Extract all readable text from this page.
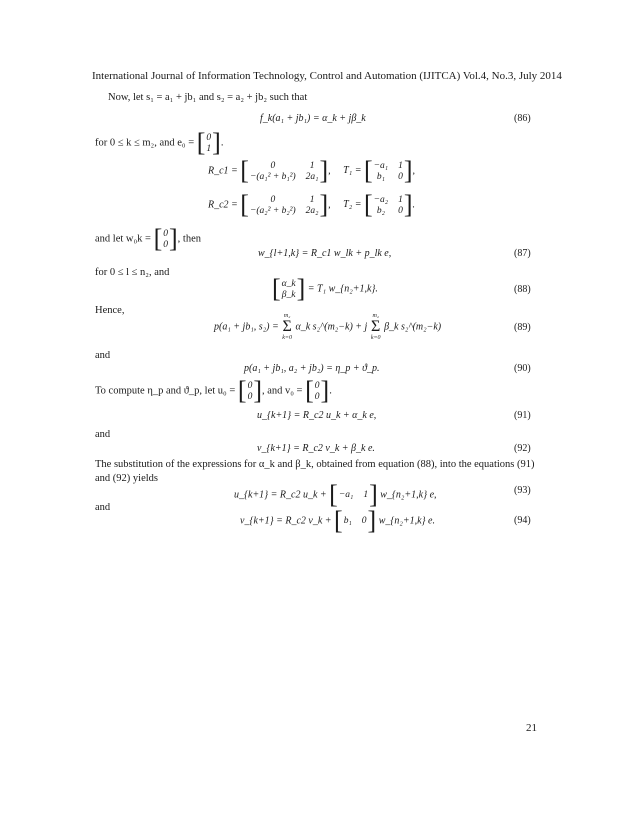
International Journal of Information Technology, Control and Automation (IJITCA) Vol.4, No.3, July 2014
Now, let s₁ = a₁ + jb₁ and s₂ = a₂ + jb₂ such that
f_k(a₁ + jb₁) = α_k + jβ_k	(86)
for 0 ≤ k ≤ m₂, and e₀ = [ 0
1 ] .
R_c1 = [	0	1
−(a₁² + b₁²) 2a₁ ] , T₁ = [ −a₁ 1
b₁	0 ] ,
R_c2 = [	0	1
−(a₂² + b₂²) 2a₂ ] , T₂ = [ −a₂ 1
b₂	0 ] .
and let w₀k = [ 0
0 ] , then
w_{l+1,k} = R_c1 w_lk + p_lk e,	(87)
for 0 ≤ l ≤ n₂, and
[ α_k
β_k ] = T₁ w_{n₂+1,k}.	(88)
Hence,
p(a₁ + jb₁, s₂) =
m₂
Σ
k=0
α_k s₂^(m₂−k) + j
m₂
Σ
k=0
β_k s₂^(m₂−k)	(89)
and
p(a₁ + jb₁, a₂ + jb₂) = η_p + ϑ_p.	(90)
To compute η_p and ϑ_p, let u₀ = [ 0
0 ] , and v₀ = [ 0
0 ] .
u_{k+1} = R_c2 u_k + α_k e,	(91)
and
v_{k+1} = R_c2 v_k + β_k e.	(92)
The substitution of the expressions for α_k and β_k, obtained from equation (88), into the equations (91)
and (92) yields
u_{k+1} = R_c2 u_k + [ −a₁ 1 ] w_{n₂+1,k} e,	(93)
and
v_{k+1} = R_c2 v_k + [ b₁ 0 ] w_{n₂+1,k} e.	(94)
21
